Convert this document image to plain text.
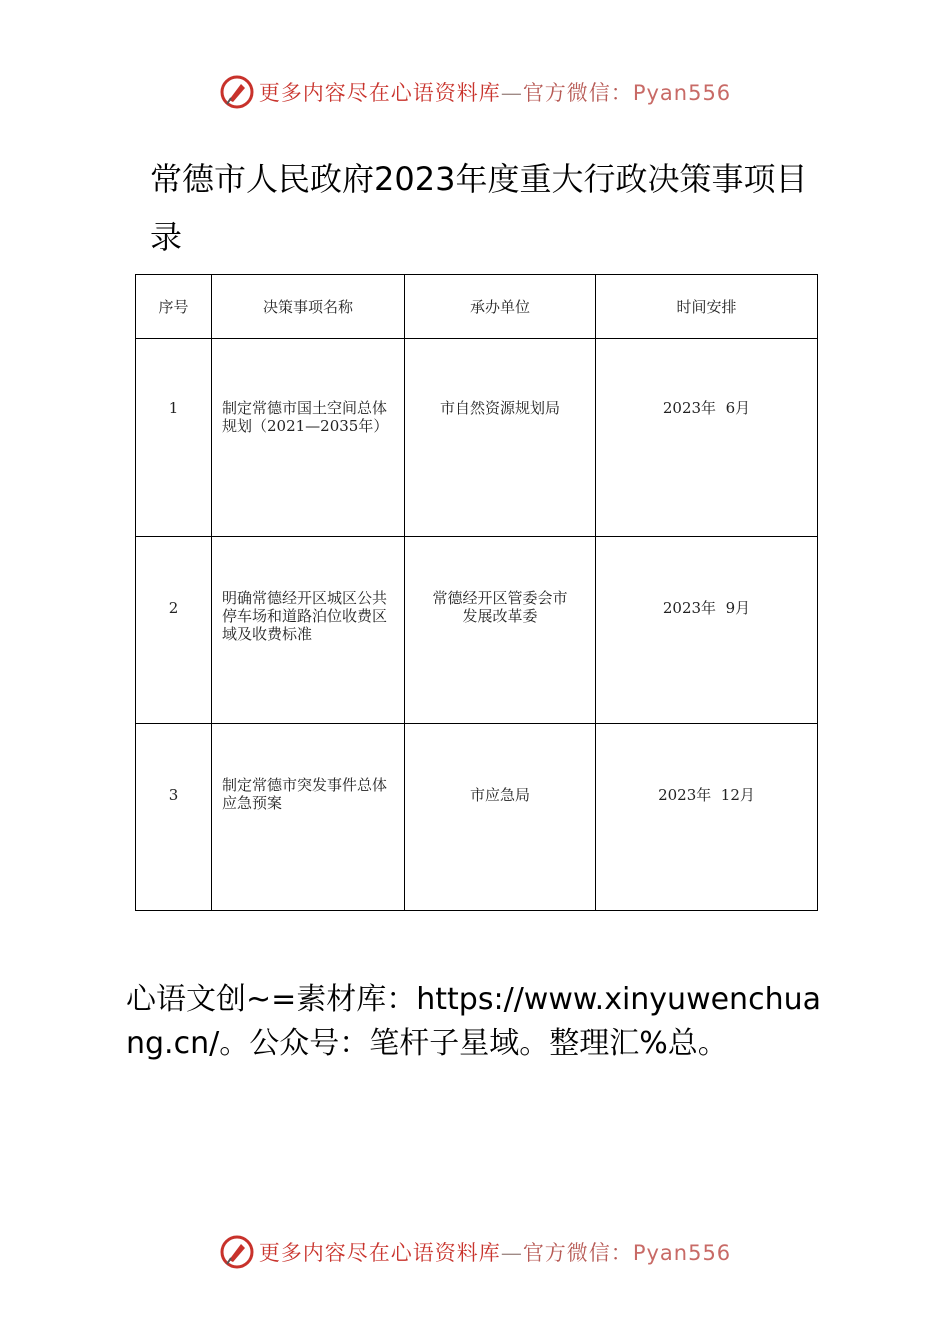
更多内容尽在心语资料库—官方微信：Pyan556
常德市人民政府2023年度重大行政决策事项目录
序号	决策事项名称	承办单位	时间安排

1	制定常德市国土空间总体规划（2021—2035年）	市自然资源规划局	2023年  6月

2	明确常德经开区城区公共停车场和道路泊位收费区域及收费标准	常德经开区管委会市发展改革委	2023年  9月

3	制定常德市突发事件总体应急预案	市应急局	2023年  12月

心语文创~=素材库：https://www.xinyuwenchuang.cn/。公众号：笔杆子星域。整理汇%总。

更多内容尽在心语资料库—官方微信：Pyan556
